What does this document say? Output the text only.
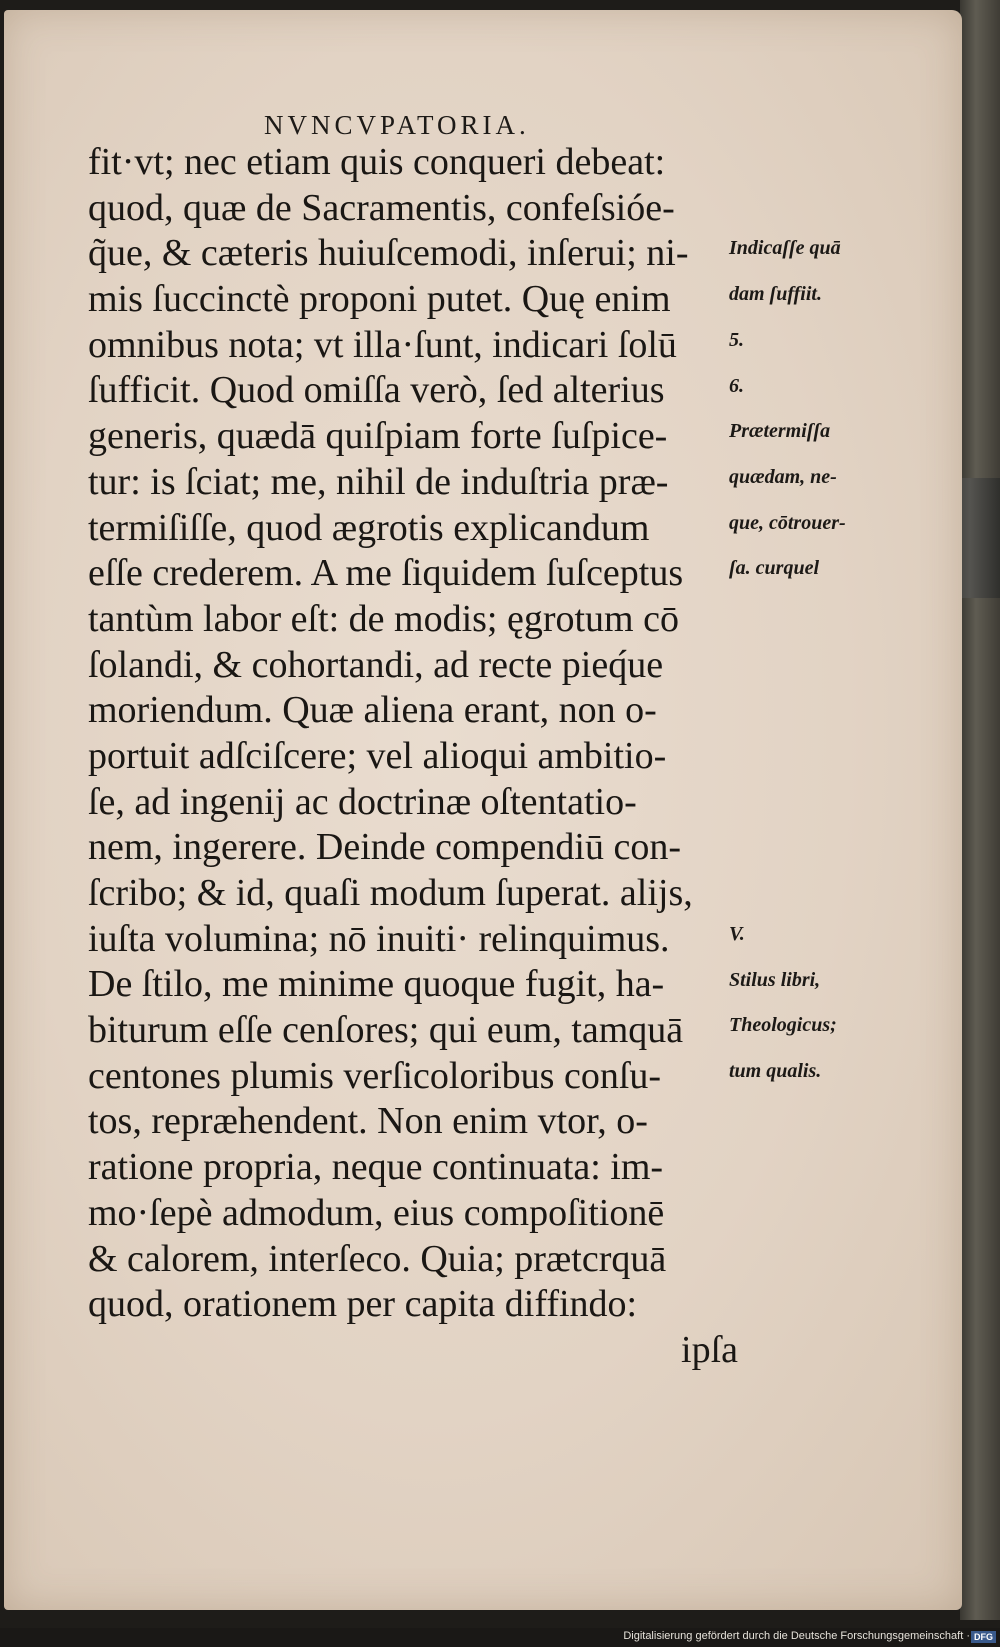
NVNCVPATORIA.
fit·vt; nec etiam quis conqueri debeat:
quod, quæ de Sacramentis, confeſsióe-
q̃ue, & cæteris huiuſcemodi, inſerui; ni-
mis ſuccinctè proponi putet. Quę enim
omnibus nota; vt illa·ſunt, indicari ſolū
ſufficit. Quod omiſſa verò, ſed alterius
generis, quædā quiſpiam forte ſuſpice-
tur: is ſciat; me, nihil de induſtria præ-
termiſiſſe, quod ægrotis explicandum
eſſe crederem. A me ſiquidem ſuſceptus
tantùm labor eſt: de modis; ęgrotum cō
ſolandi, & cohortandi, ad recte pieq́ue
moriendum. Quæ aliena erant, non o-
portuit adſciſcere; vel alioqui ambitio-
ſe, ad ingenij ac doctrinæ oſtentatio-
nem, ingerere. Deinde compendiū con-
ſcribo; & id, quaſi modum ſuperat. alijs,
iuſta volumina; nō inuiti· relinquimus.
De ſtilo, me minime quoque fugit, ha-
biturum eſſe cenſores; qui eum, tamquā
centones plumis verſicoloribus conſu-
tos, repræhendent. Non enim vtor, o-
ratione propria, neque continuata: im-
mo·ſepè admodum, eius compoſitionē
& calorem, interſeco. Quia; prætcrquā
quod, orationem per capita diffindo:
ipſa
Indicaſſe quā
dam ſuffiit.
5.
6.
Prætermiſſa
quædam, ne-
que, cōtrouer-
ſa. curquel
V.
Stilus libri,
Theologicus;
tum qualis.
Digitalisierung gefördert durch die Deutsche Forschungsgemeinschaft · DFG
